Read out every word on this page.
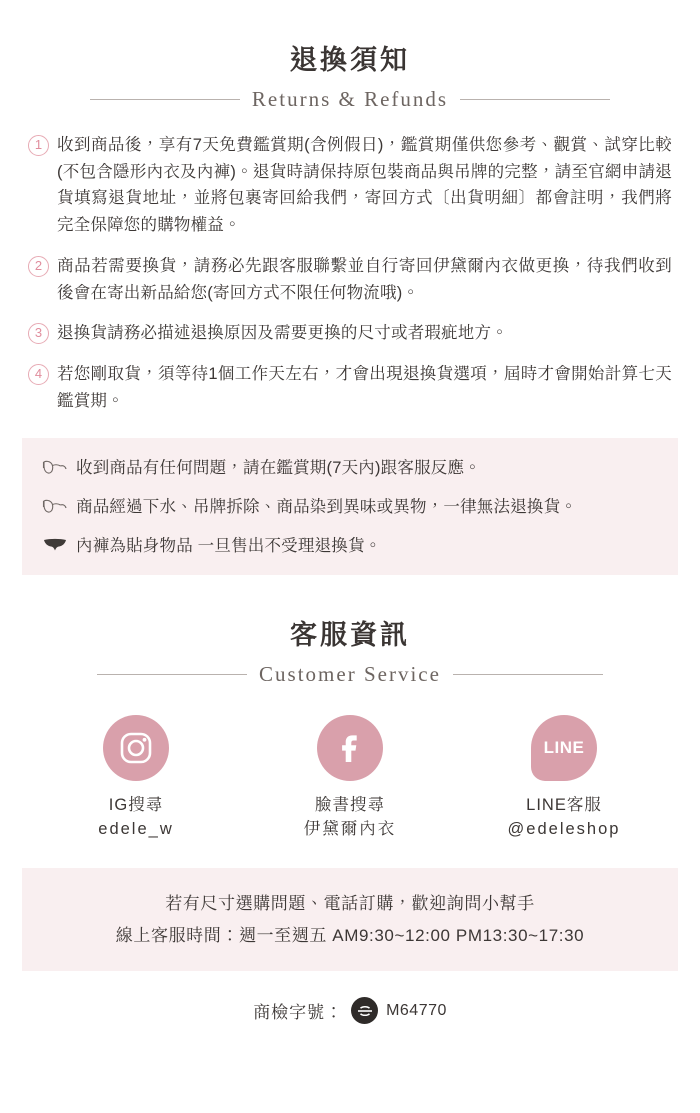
退換須知
Returns & Refunds
1 收到商品後，享有7天免費鑑賞期(含例假日)，鑑賞期僅供您參考、觀賞、試穿比較(不包含隱形內衣及內褲)。退貨時請保持原包裝商品與吊牌的完整，請至官網申請退貨填寫退貨地址，並將包裹寄回給我們，寄回方式〔出貨明細〕都會註明，我們將完全保障您的購物權益。
2 商品若需要換貨，請務必先跟客服聯繫並自行寄回伊黛爾內衣做更換，待我們收到後會在寄出新品給您(寄回方式不限任何物流哦)。
3 退換貨請務必描述退換原因及需要更換的尺寸或者瑕疵地方。
4 若您剛取貨，須等待1個工作天左右，才會出現退換貨選項，屆時才會開始計算七天鑑賞期。
收到商品有任何問題，請在鑑賞期(7天內)跟客服反應。
商品經過下水、吊牌拆除、商品染到異味或異物，一律無法退換貨。
內褲為貼身物品 一旦售出不受理退換貨。
客服資訊
Customer Service
IG搜尋
edele_w
臉書搜尋
伊黛爾內衣
LINE
LINE客服
@edeleshop
若有尺寸選購問題、電話訂購，歡迎詢問小幫手
線上客服時間：週一至週五 AM9:30~12:00 PM13:30~17:30
商檢字號：	M64770
